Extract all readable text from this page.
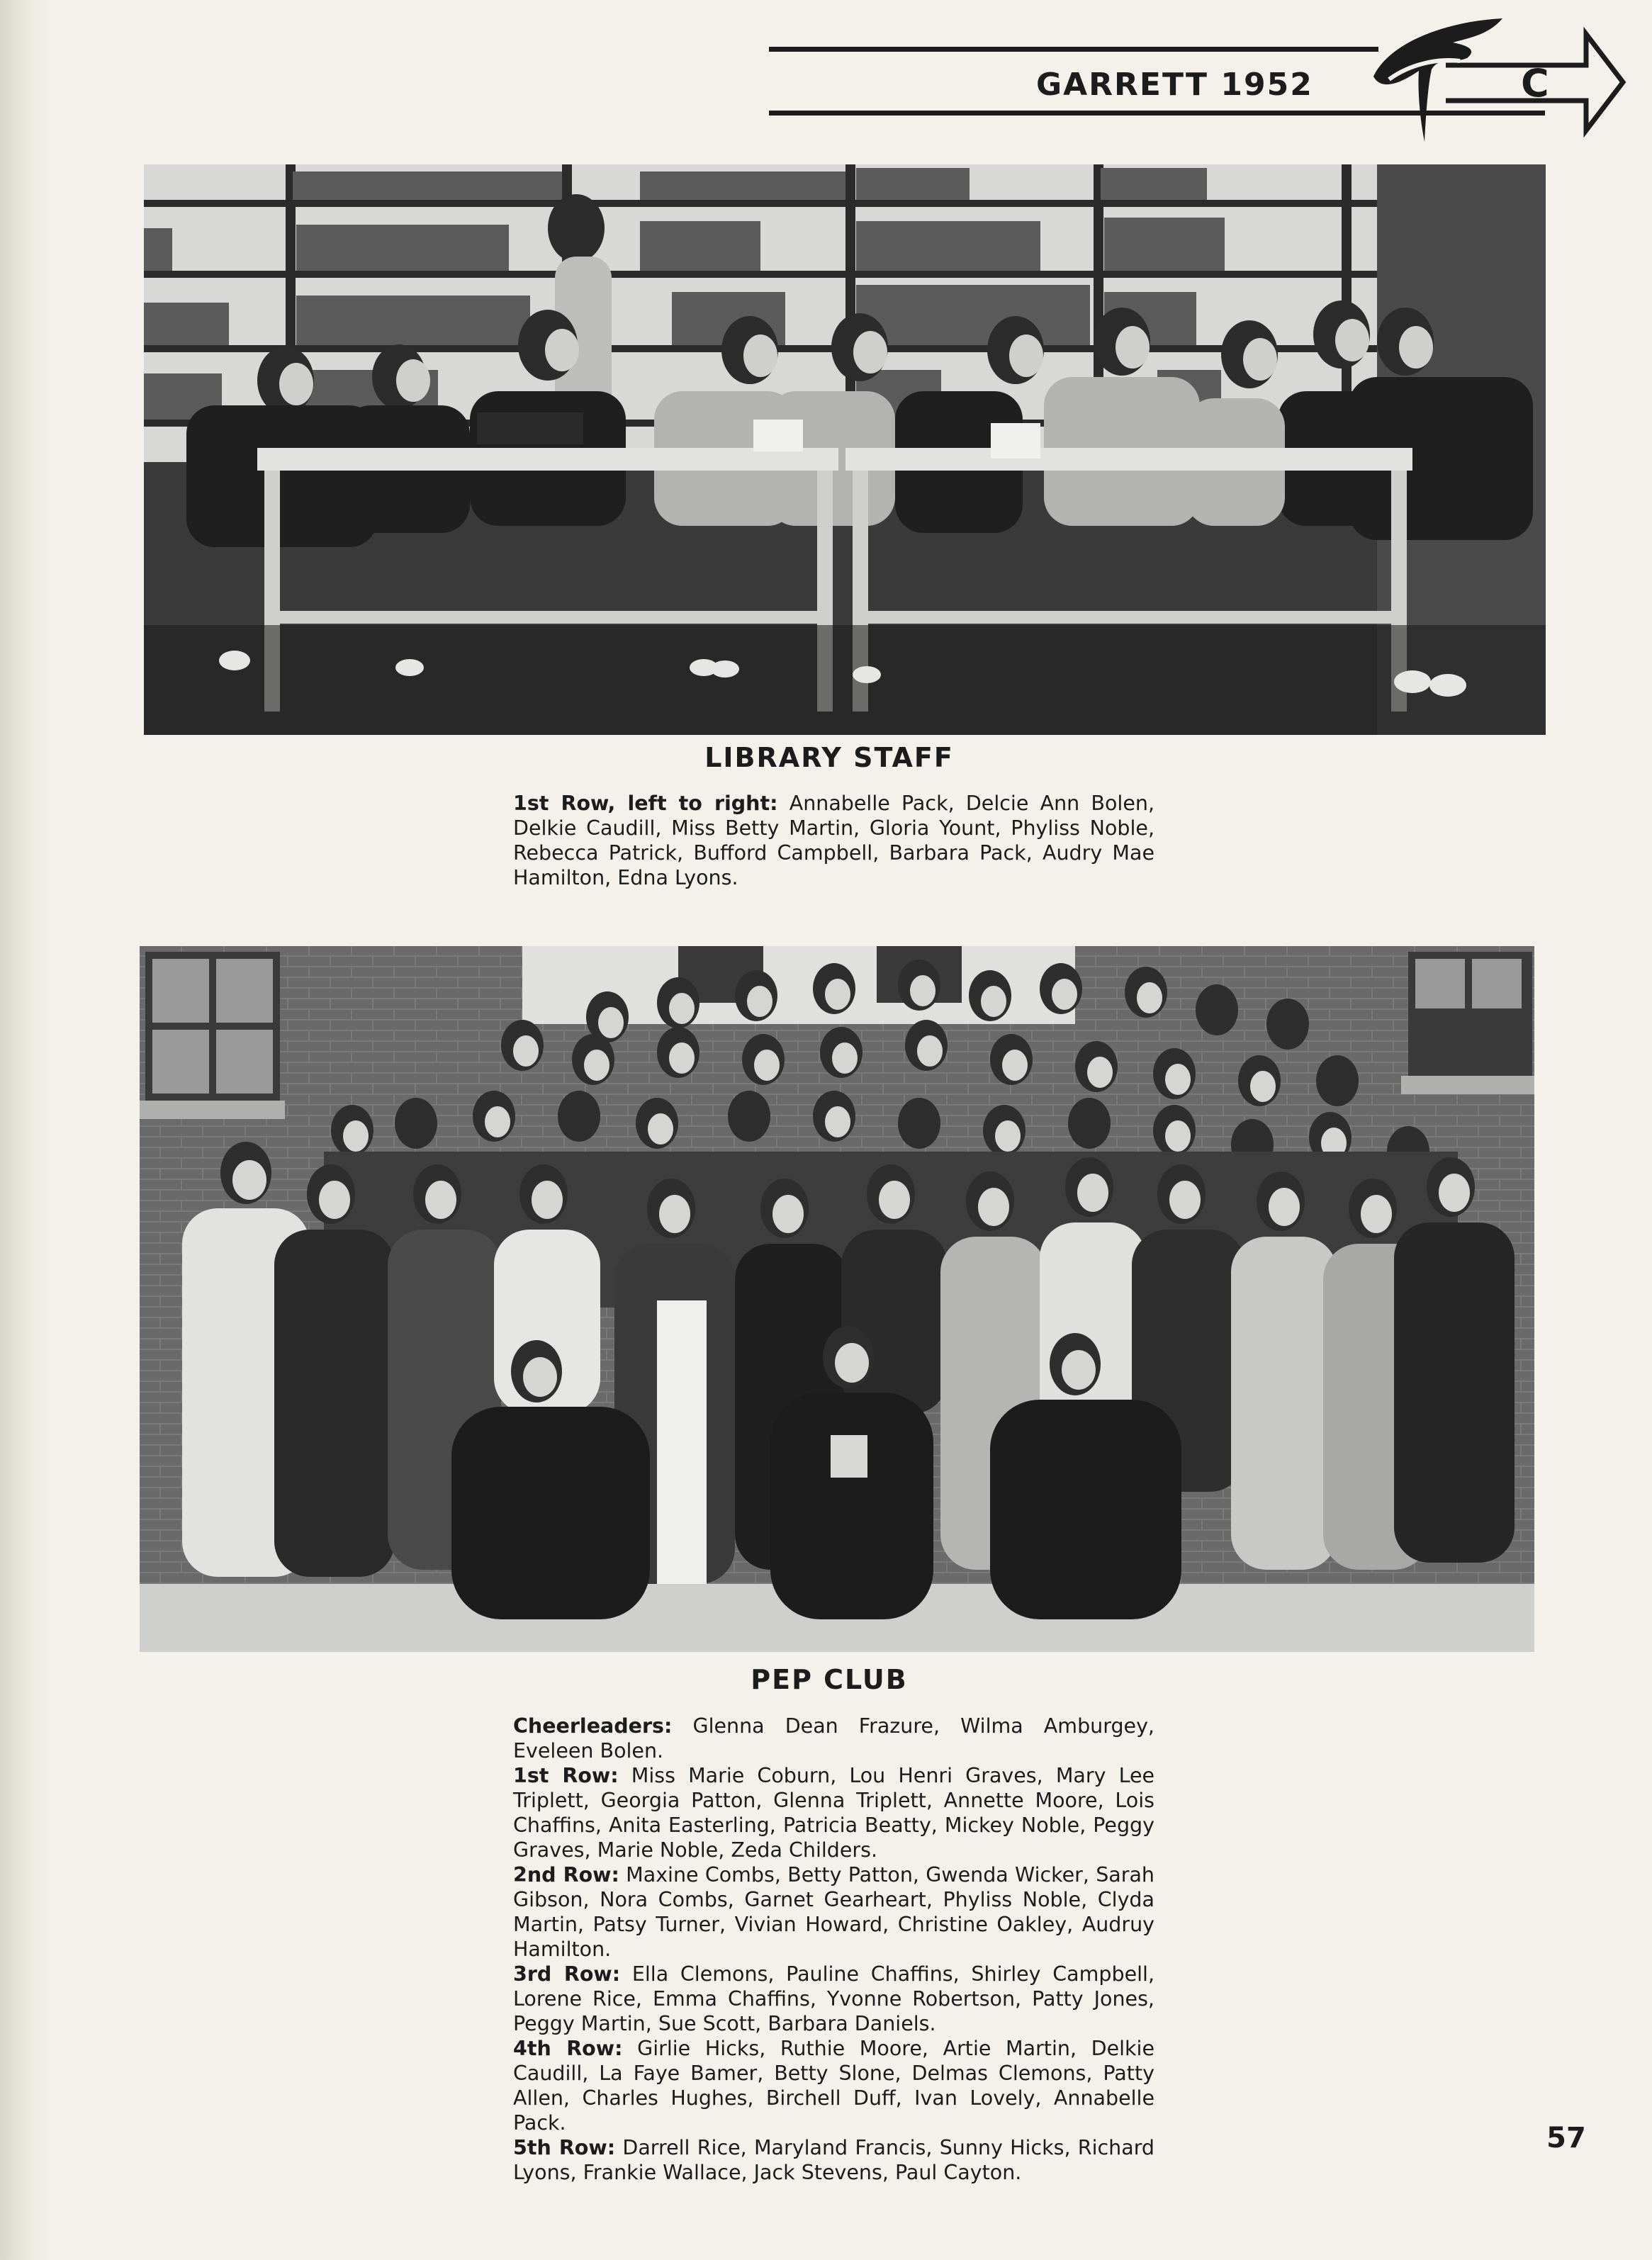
GARRETT 1952	C
LIBRARY STAFF

1st Row, left to right: Annabelle Pack, Delcie Ann Bolen, Delkie Caudill, Miss Betty Martin, Gloria Yount, Phyliss Noble, Rebecca Patrick, Bufford Campbell, Barbara Pack, Audry Mae Hamilton, Edna Lyons.

PEP CLUB

Cheerleaders: Glenna Dean Frazure, Wilma Amburgey, Eveleen Bolen.

1st Row: Miss Marie Coburn, Lou Henri Graves, Mary Lee Triplett, Georgia Patton, Glenna Triplett, Annette Moore, Lois Chaffins, Anita Easterling, Patricia Beatty, Mickey Noble, Peggy Graves, Marie Noble, Zeda Childers.

2nd Row: Maxine Combs, Betty Patton, Gwenda Wicker, Sarah Gibson, Nora Combs, Garnet Gearheart, Phyliss Noble, Clyda Martin, Patsy Turner, Vivian Howard, Christine Oakley, Audruy Hamilton.

3rd Row: Ella Clemons, Pauline Chaffins, Shirley Campbell, Lorene Rice, Emma Chaffins, Yvonne Robertson, Patty Jones, Peggy Martin, Sue Scott, Barbara Daniels.

4th Row: Girlie Hicks, Ruthie Moore, Artie Martin, Delkie Caudill, La Faye Bamer, Betty Slone, Delmas Clemons, Patty Allen, Charles Hughes, Birchell Duff, Ivan Lovely, Annabelle Pack.

5th Row: Darrell Rice, Maryland Francis, Sunny Hicks, Richard Lyons, Frankie Wallace, Jack Stevens, Paul Cayton.

57
